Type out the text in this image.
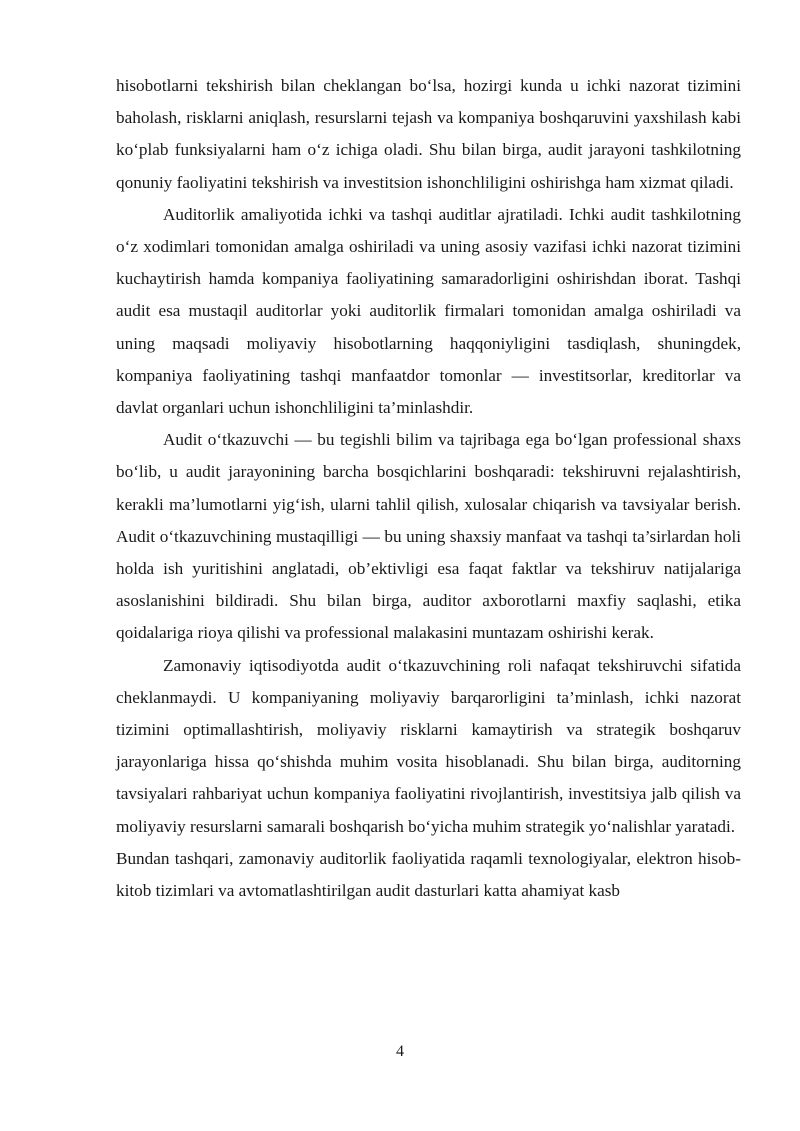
hisobotlarni tekshirish bilan cheklangan bo‘lsa, hozirgi kunda u ichki nazorat tizimini baholash, risklarni aniqlash, resurslarni tejash va kompaniya boshqaruvini yaxshilash kabi ko‘plab funksiyalarni ham o‘z ichiga oladi. Shu bilan birga, audit jarayoni tashkilotning qonuniy faoliyatini tekshirish va investitsion ishonchliligini oshirishga ham xizmat qiladi.

Auditorlik amaliyotida ichki va tashqi auditlar ajratiladi. Ichki audit tashkilotning o‘z xodimlari tomonidan amalga oshiriladi va uning asosiy vazifasi ichki nazorat tizimini kuchaytirish hamda kompaniya faoliyatining samaradorligini oshirishdan iborat. Tashqi audit esa mustaqil auditorlar yoki auditorlik firmalari tomonidan amalga oshiriladi va uning maqsadi moliyaviy hisobotlarning haqqoniyligini tasdiqlash, shuningdek, kompaniya faoliyatining tashqi manfaatdor tomonlar — investitsorlar, kreditorlar va davlat organlari uchun ishonchliligini ta’minlashdir.

Audit o‘tkazuvchi — bu tegishli bilim va tajribaga ega bo‘lgan professional shaxs bo‘lib, u audit jarayonining barcha bosqichlarini boshqaradi: tekshiruvni rejalashtirish, kerakli ma’lumotlarni yig‘ish, ularni tahlil qilish, xulosalar chiqarish va tavsiyalar berish. Audit o‘tkazuvchining mustaqilligi — bu uning shaxsiy manfaat va tashqi ta’sirlardan holi holda ish yuritishini anglatadi, ob’ektivligi esa faqat faktlar va tekshiruv natijalariga asoslanishini bildiradi. Shu bilan birga, auditor axborotlarni maxfiy saqlashi, etika qoidalariga rioya qilishi va professional malakasini muntazam oshirishi kerak.

Zamonaviy iqtisodiyotda audit o‘tkazuvchining roli nafaqat tekshiruvchi sifatida cheklanmaydi. U kompaniyaning moliyaviy barqarorligini ta’minlash, ichki nazorat tizimini optimallashtirish, moliyaviy risklarni kamaytirish va strategik boshqaruv jarayonlariga hissa qo‘shishda muhim vosita hisoblanadi. Shu bilan birga, auditorning tavsiyalari rahbariyat uchun kompaniya faoliyatini rivojlantirish, investitsiya jalb qilish va moliyaviy resurslarni samarali boshqarish bo‘yicha muhim strategik yo‘nalishlar yaratadi.

Bundan tashqari, zamonaviy auditorlik faoliyatida raqamli texnologiyalar, elektron hisob-kitob tizimlari va avtomatlashtirilgan audit dasturlari katta ahamiyat kasb

4
